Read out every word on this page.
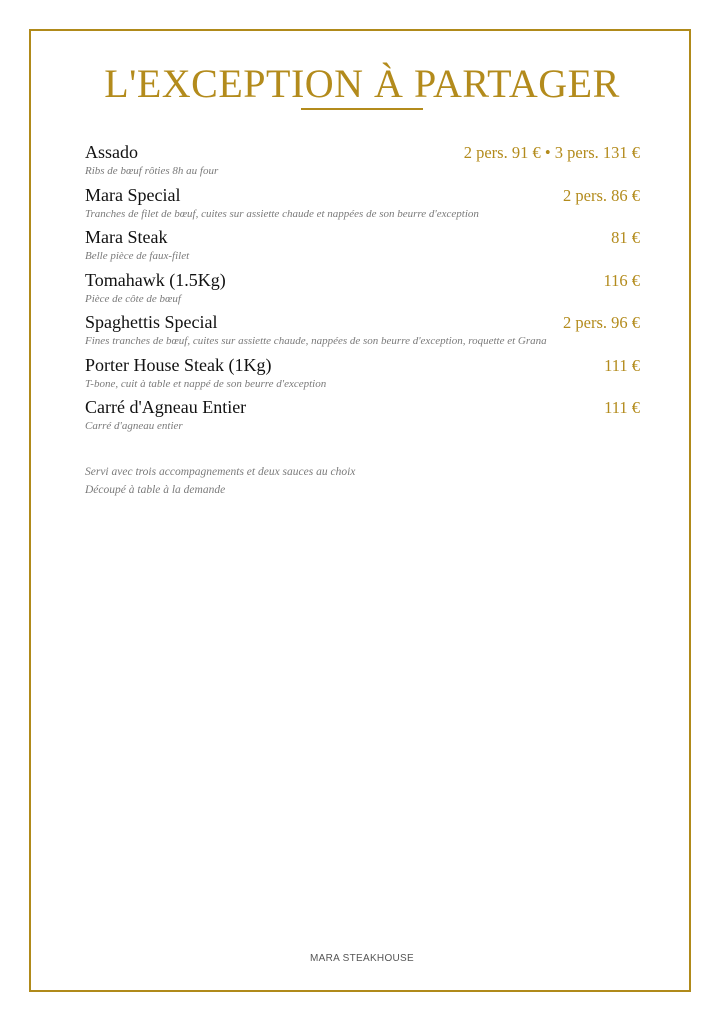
L'EXCEPTION À PARTAGER
Assado	2 pers. 91 € • 3 pers. 131 €
Ribs de bœuf rôties 8h au four
Mara Special	2 pers. 86 €
Tranches de filet de bœuf, cuites sur assiette chaude et nappées de son beurre d'exception
Mara Steak	81 €
Belle pièce de faux-filet
Tomahawk (1.5Kg)	116 €
Pièce de côte de bœuf
Spaghettis Special	2 pers. 96 €
Fines tranches de bœuf, cuites sur assiette chaude, nappées de son beurre d'exception, roquette et Grana
Porter House Steak (1Kg)	111 €
T-bone, cuit à table et nappé de son beurre d'exception
Carré d'Agneau Entier	111 €
Carré d'agneau entier
Servi avec trois accompagnements et deux sauces au choix
Découpé à table à la demande
MARA STEAKHOUSE
